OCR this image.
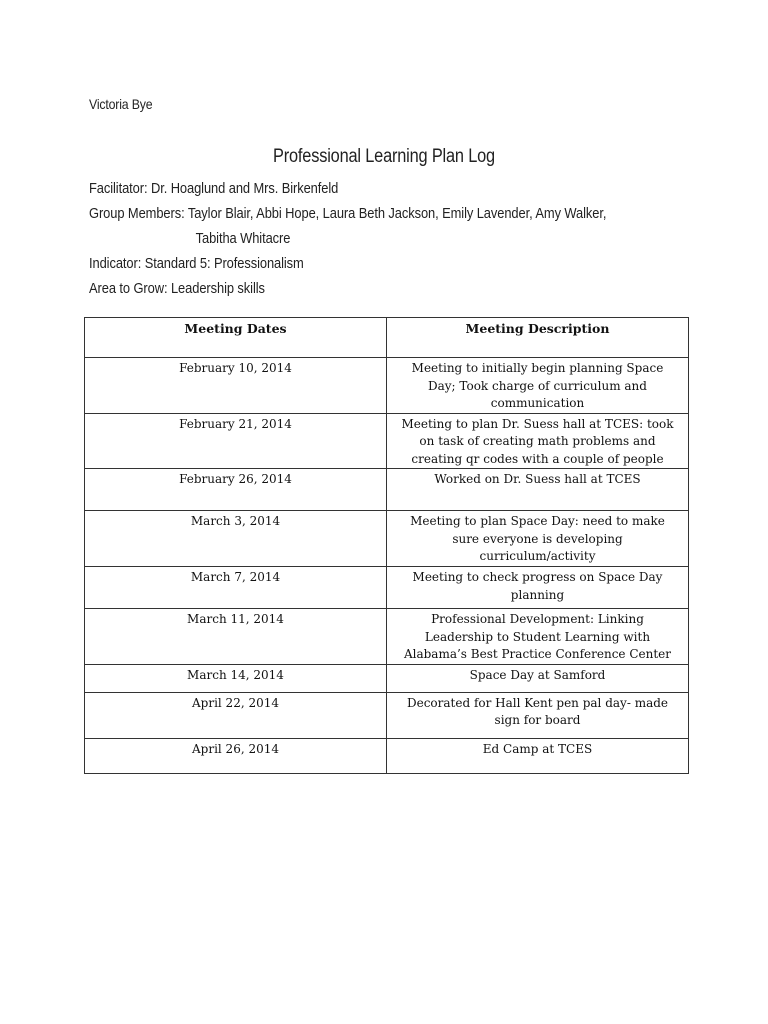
Victoria Bye
Professional Learning Plan Log
Facilitator: Dr. Hoaglund and Mrs. Birkenfeld
Group Members: Taylor Blair, Abbi Hope, Laura Beth Jackson, Emily Lavender, Amy Walker,
Tabitha Whitacre
Indicator: Standard 5: Professionalism
Area to Grow: Leadership skills
Meeting Dates	Meeting Description
February 10, 2014	Meeting to initially begin planning Space Day; Took charge of curriculum and communication
February 21, 2014	Meeting to plan Dr. Suess hall at TCES: took on task of creating math problems and creating qr codes with a couple of people
February 26, 2014	Worked on Dr. Suess hall at TCES
March 3, 2014	Meeting to plan Space Day: need to make sure everyone is developing curriculum/activity
March 7, 2014	Meeting to check progress on Space Day planning
March 11, 2014	Professional Development: Linking Leadership to Student Learning with Alabama’s Best Practice Conference Center
March 14, 2014	Space Day at Samford
April 22, 2014	Decorated for Hall Kent pen pal day- made sign for board
April 26, 2014	Ed Camp at TCES
